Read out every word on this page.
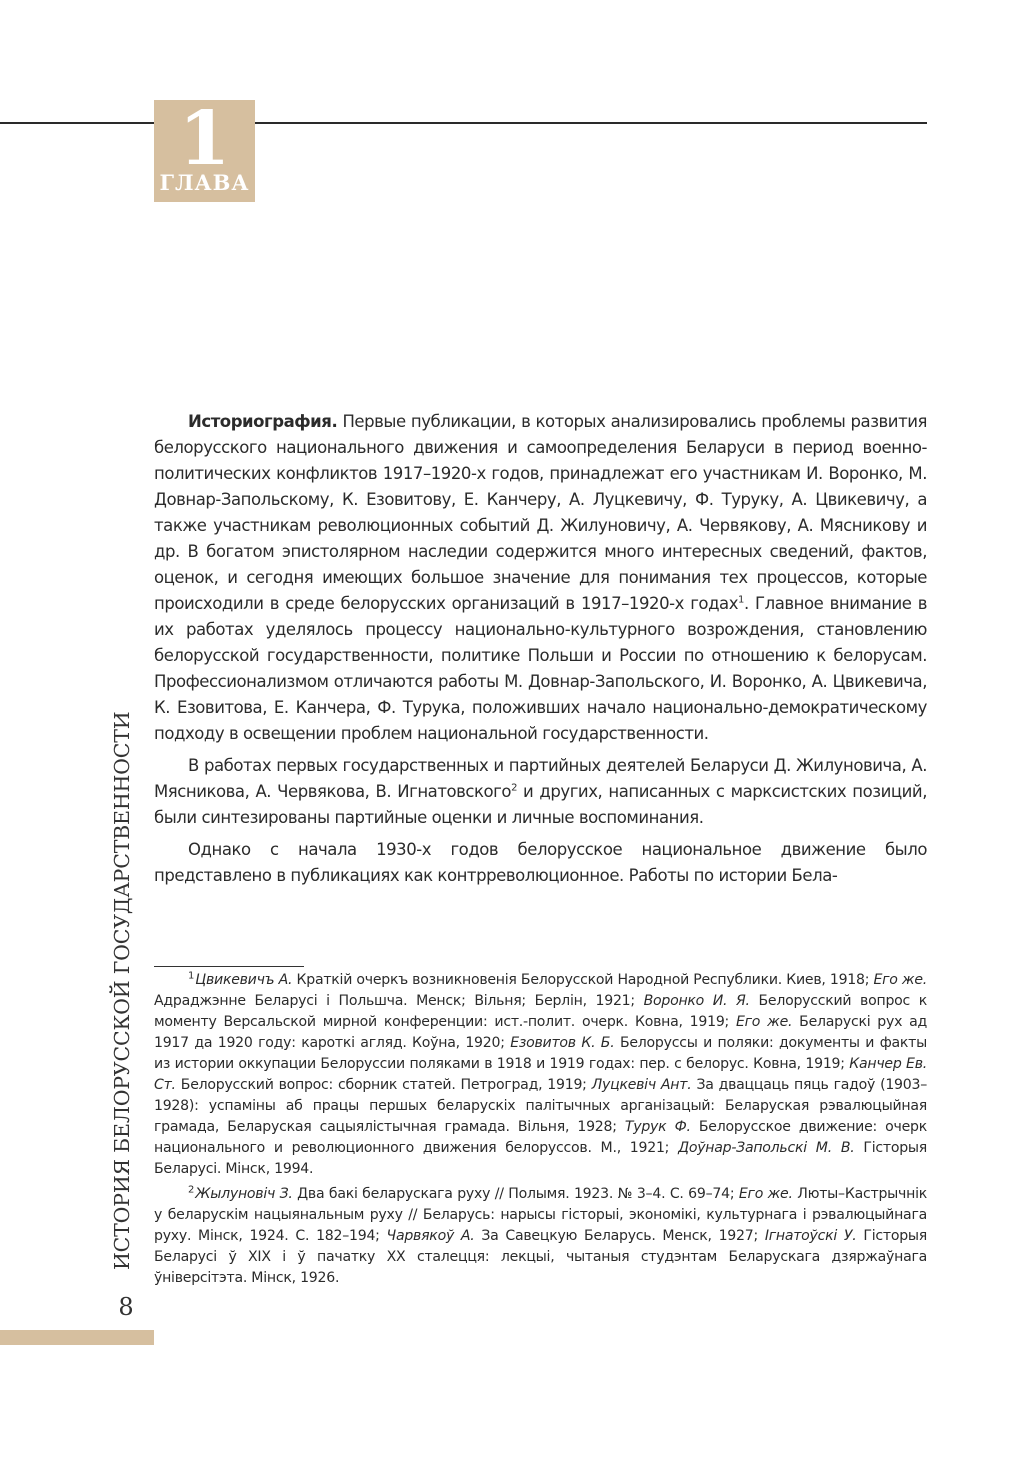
1
ГЛАВА
ИСТОРИЯ БЕЛОРУССКОЙ ГОСУДАРСТВЕННОСТИ
8

Историография. Первые публикации, в которых анализировались проблемы развития белорусского национального движения и самоопределения Беларуси в период военно-политических конфликтов 1917–1920-х годов, принадлежат его участникам И. Воронко, М. Довнар-Запольскому, К. Езовитову, Е. Канчеру, А. Луцкевичу, Ф. Туруку, А. Цвикевичу, а также участникам революционных событий Д. Жилуновичу, А. Червякову, А. Мясникову и др. В богатом эпистолярном наследии содержится много интересных сведений, фактов, оценок, и сегодня имеющих большое значение для понимания тех процессов, которые происходили в среде белорусских организаций в 1917–1920-х годах$^1$. Главное внимание в их работах уделялось процессу национально-культурного возрождения, становлению белорусской государственности, политике Польши и России по отношению к белорусам. Профессионализмом отличаются работы М. Довнар-Запольского, И. Воронко, А. Цвикевича, К. Езовитова, Е. Канчера, Ф. Турука, положивших начало национально-демократическому подходу в освещении проблем национальной государственности.

В работах первых государственных и партийных деятелей Беларуси Д. Жилуновича, А. Мясникова, А. Червякова, В. Игнатовского$^2$ и других, написанных с марксистских позиций, были синтезированы партийные оценки и личные воспоминания.

Однако с начала 1930-х годов белорусское национальное движение было представлено в публикациях как контрреволюционное. Работы по истории Бела-

$^1$ Цвикевичъ А. Краткій очеркъ возникновенія Белорусской Народной Республики. Киев, 1918; Его же. Адраджэнне Беларусі і Польшча. Менск; Вільня; Берлін, 1921; Воронко И. Я. Белорусский вопрос к моменту Версальской мирной конференции: ист.-полит. очерк. Ковна, 1919; Его же. Беларускі рух ад 1917 да 1920 году: кароткі агляд. Коўна, 1920; Езовитов К. Б. Белоруссы и поляки: документы и факты из истории оккупации Белоруссии поляками в 1918 и 1919 годах: пер. с белорус. Ковна, 1919; Канчер Ев. Ст. Белорусский вопрос: сборник статей. Петроград, 1919; Луцкевіч Ант. За дваццаць пяць гадоў (1903–1928): успаміны аб працы першых беларускіх палітычных арганізацый: Беларуская рэвалюцыйная грамада, Беларуская сацыялістычная грамада. Вільня, 1928; Турук Ф. Белорусское движение: очерк национального и революционного движения белоруссов. М., 1921; Доўнар-Запольскі М. В. Гісторыя Беларусі. Мінск, 1994.

$^2$ Жылуновiч З. Два бакі беларускага руху // Полымя. 1923. № 3–4. С. 69–74; Его же. Люты–Кастрычнік у беларускім нацыянальным руху // Беларусь: нарысы гісторыі, экономікі, культурнага і рэвалюцыйнага руху. Мінск, 1924. С. 182–194; Чарвякоў А. За Савецкую Беларусь. Менск, 1927; Ігнатоўскі У. Гісторыя Беларусі ў XIX і ў пачатку XX сталецця: лекцыі, чытаныя студэнтам Беларускага дзяржаўнага ўніверсітэта. Мінск, 1926.
